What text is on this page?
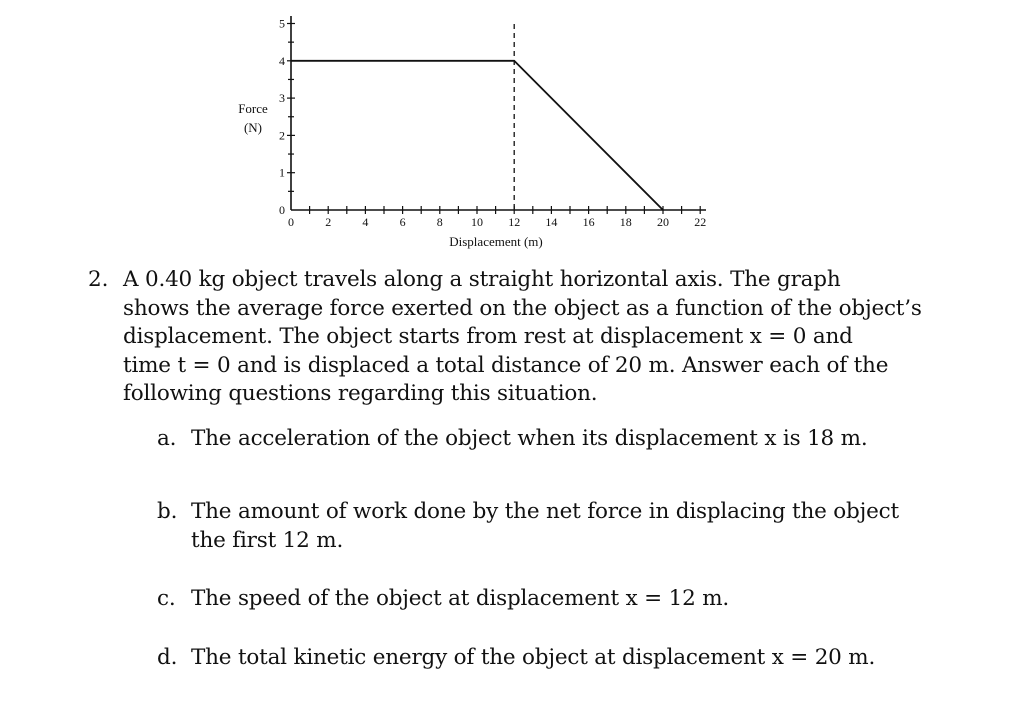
0
1
2
3
4
5
0	2	4	6	8 10 12 14 16 18 20 22
Force
(N)
Displacement (m)
2. A 0.40 kg object travels along a straight horizontal axis. The graph
shows the average force exerted on the object as a function of the object’s
displacement. The object starts from rest at displacement x = 0 and
time t = 0 and is displaced a total distance of 20 m. Answer each of the
following questions regarding this situation.
a. The acceleration of the object when its displacement x is 18 m.
b. The amount of work done by the net force in displacing the object
the first 12 m.
c. The speed of the object at displacement x = 12 m.
d. The total kinetic energy of the object at displacement x = 20 m.
